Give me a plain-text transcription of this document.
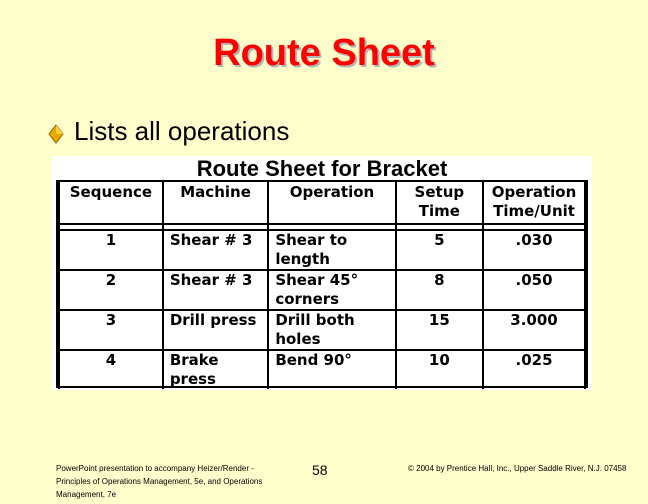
Route Sheet
Lists all operations
Route Sheet for Bracket
Sequence	Machine	Operation	Setup Time	Operation Time/Unit

1	Shear # 3	Shear to length	5	.030
2	Shear # 3	Shear 45° corners	8	.050
3	Drill press	Drill both holes	15	3.000
4	Brake press	Bend 90°	10	.025
PowerPoint presentation to accompany Heizer/Render - Principles of Operations Management, 5e, and Operations Management, 7e
58	© 2004 by Prentice Hall, Inc., Upper Saddle River, N.J. 07458
